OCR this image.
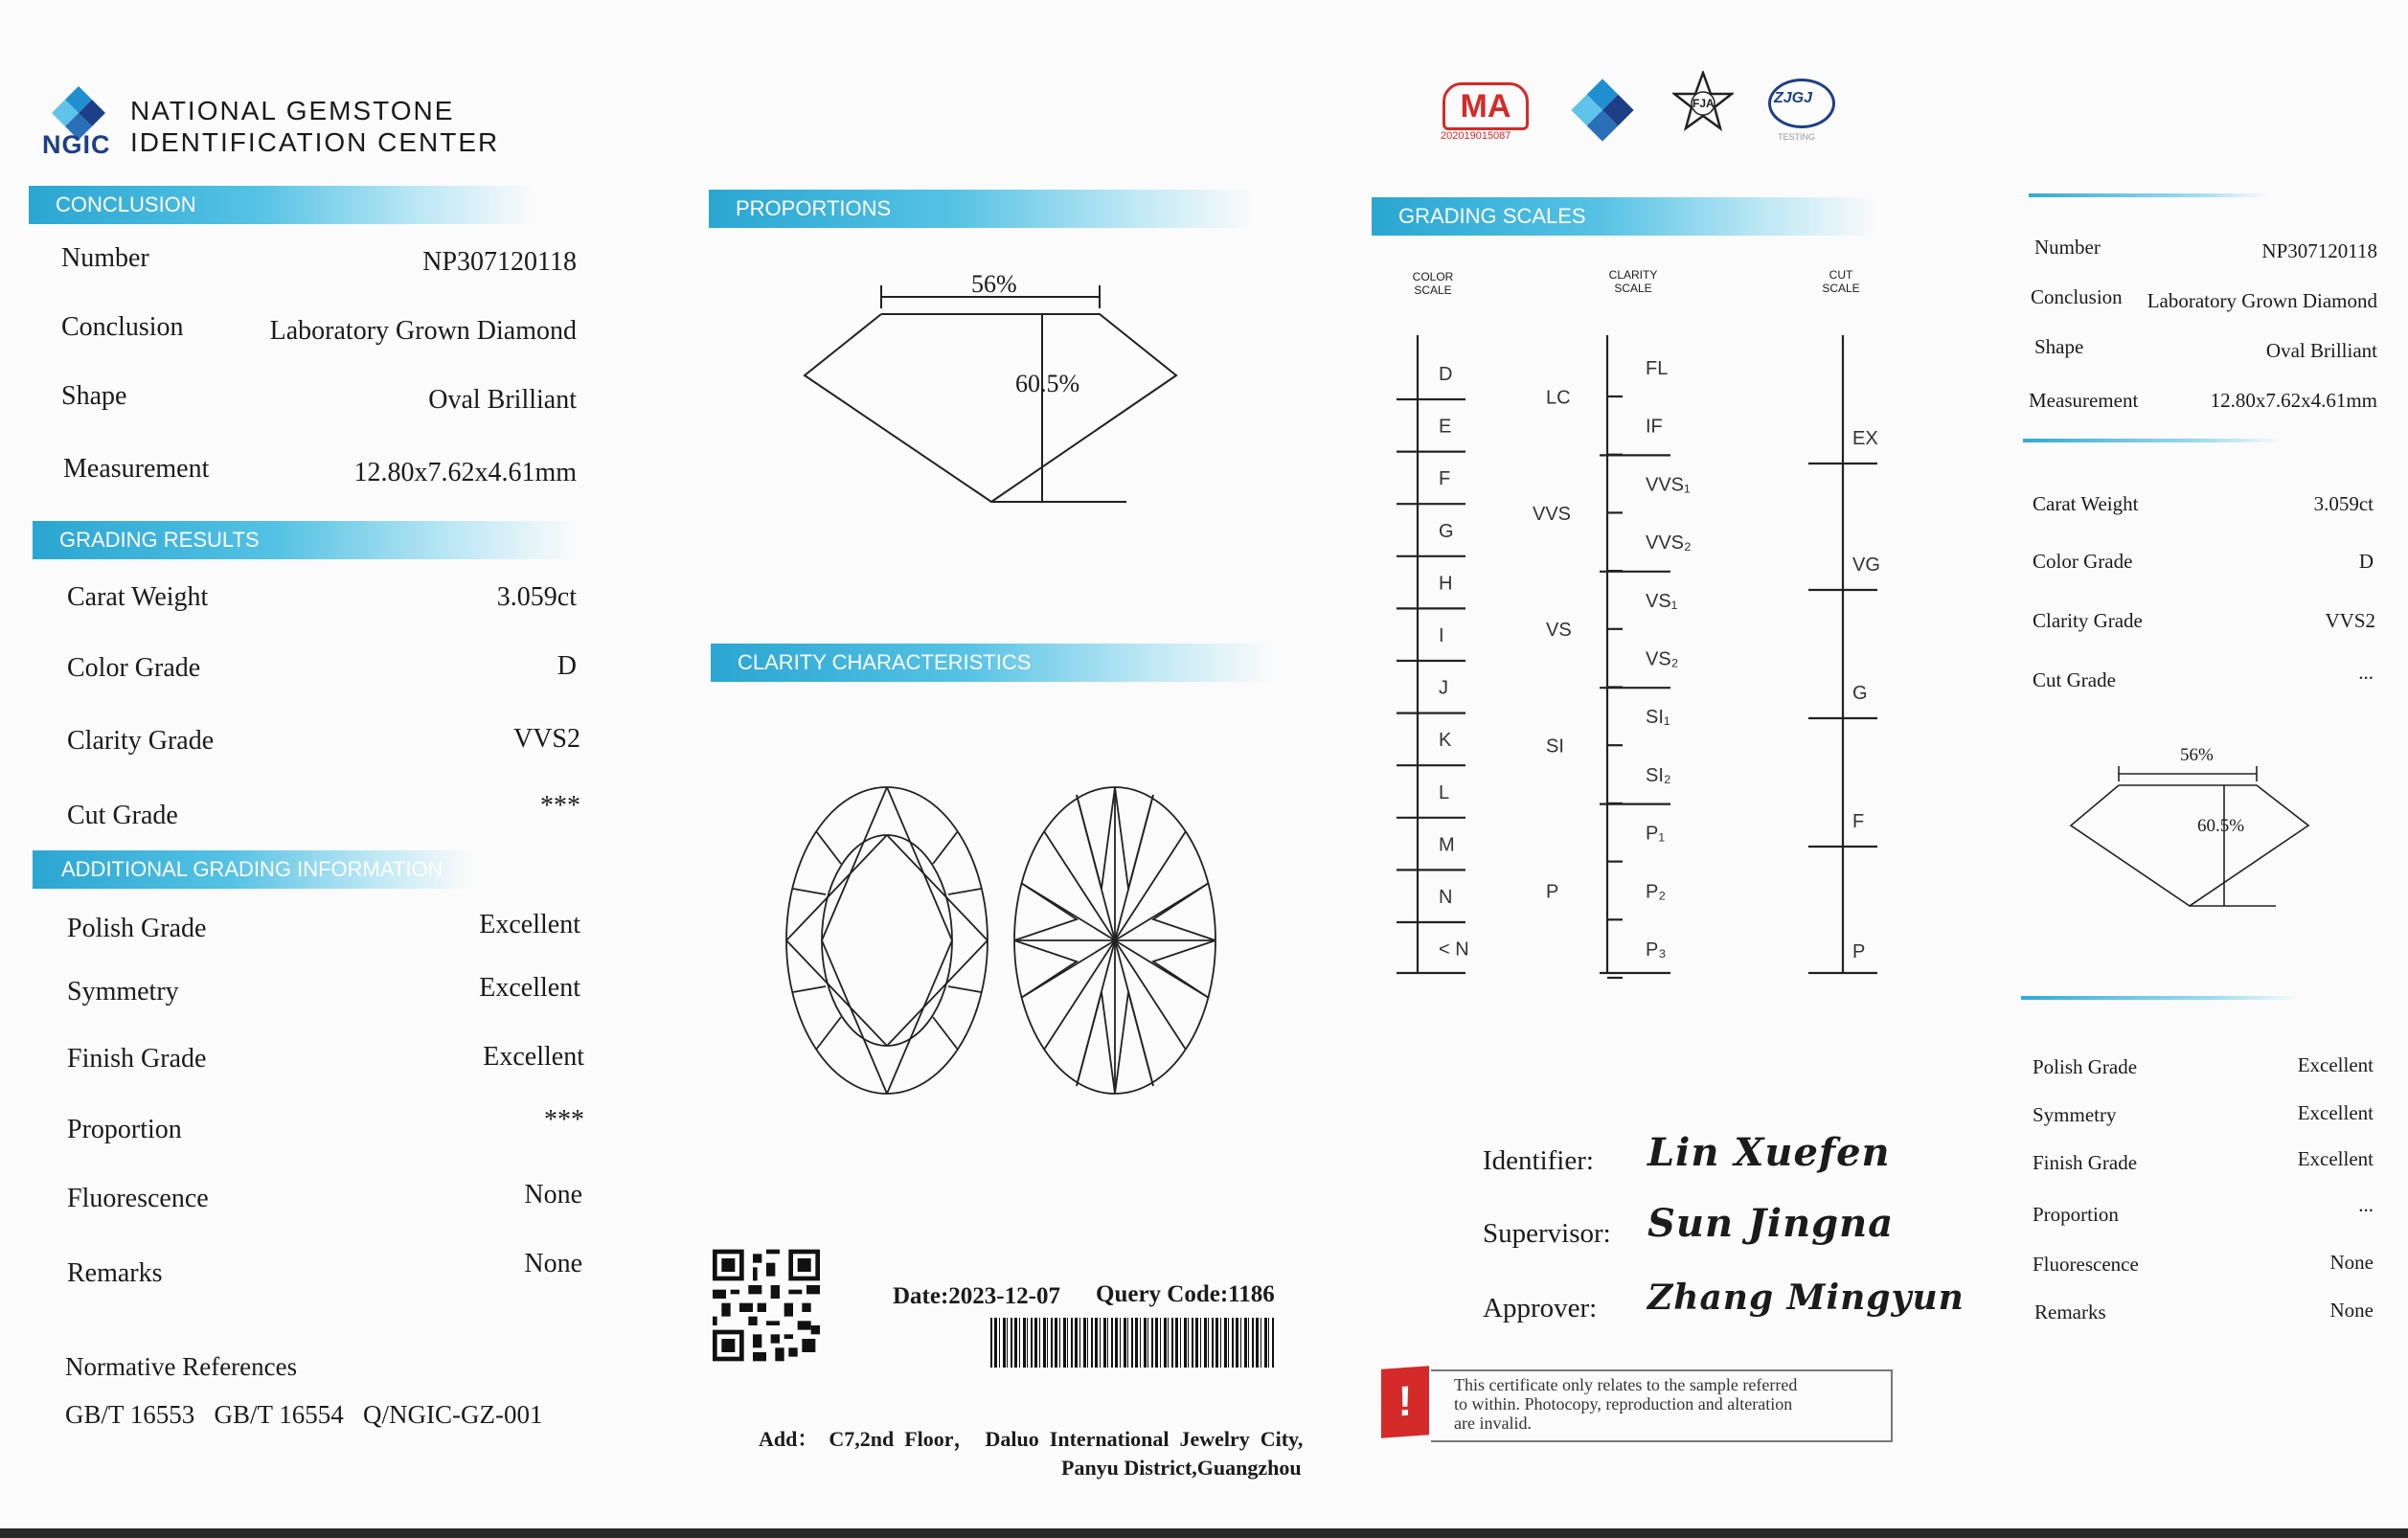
NGIC
NATIONAL GEMSTONE
IDENTIFICATION CENTER
CONCLUSION
Number	NP307120118
Conclusion	Laboratory Grown Diamond
Shape	Oval Brilliant
Measurement	12.80x7.62x4.61mm
GRADING RESULTS
Carat Weight	3.059ct
Color Grade	D
Clarity Grade	VVS2
Cut Grade	***
ADDITIONAL GRADING INFORMATION
Polish Grade	Excellent
Symmetry	Excellent
Finish Grade	Excellent
Proportion	***
Fluorescence	None
Remarks	None
Normative References
GB/T 16553   GB/T 16554   Q/NGIC-GZ-001
PROPORTIONS
56%
60.5%
CLARITY CHARACTERISTICS
Date:2023-12-07 Query Code:1186
Add：  C7,2nd  Floor，  Daluo  International  Jewelry  City,
Panyu District,Guangzhou
MA
202019015087
FJA	ZJGJ
TESTING
GRADING SCALES
COLOR SCALE
CLARITY SCALE
CUT SCALE
D
E
F
G
H
I
J
K
L
M
N
< N
FL
IF
VVS₁
VVS₂
VS₁
VS₂
SI₁
SI₂
P₁
P₂
P₃
LC
VVS
VS
SI
P
EX
VG
G
F
P
Identifier: Lin Xuefen
Supervisor: Sun Jingna
Approver: Zhang Mingyun
!	This certificate only relates to the sample referred
to within. Photocopy, reproduction and alteration
are invalid.
Number	NP307120118
Conclusion Laboratory Grown Diamond
Shape	Oval Brilliant
Measurement	12.80x7.62x4.61mm
Carat Weight	3.059ct
Color Grade	D
Clarity Grade	VVS2
Cut Grade	...
56%
60.5%
Polish Grade	Excellent
Symmetry	Excellent
Finish Grade	Excellent
Proportion	...
Fluorescence	None
Remarks	None
